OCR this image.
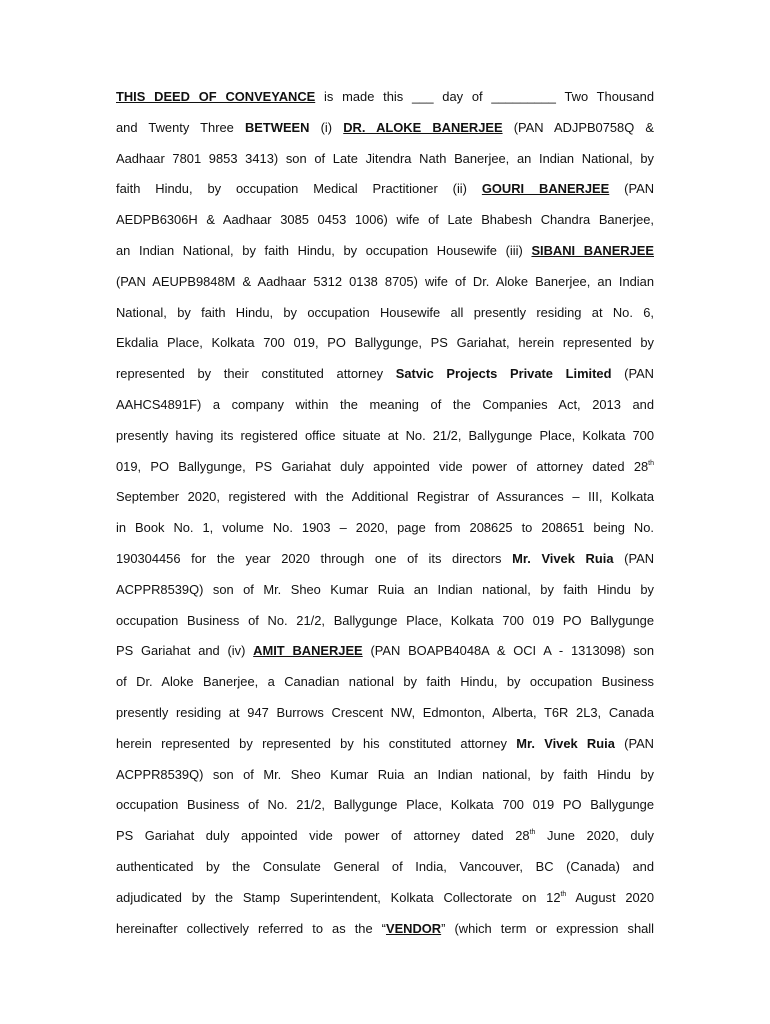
THIS DEED OF CONVEYANCE is made this ___ day of _________ Two Thousand
and Twenty Three BETWEEN (i) DR. ALOKE BANERJEE (PAN ADJPB0758Q &
Aadhaar 7801 9853 3413) son of Late Jitendra Nath Banerjee, an Indian National, by
faith Hindu, by occupation Medical Practitioner (ii) GOURI BANERJEE (PAN
AEDPB6306H & Aadhaar 3085 0453 1006) wife of Late Bhabesh Chandra Banerjee,
an Indian National, by faith Hindu, by occupation Housewife (iii) SIBANI BANERJEE
(PAN AEUPB9848M & Aadhaar 5312 0138 8705) wife of Dr. Aloke Banerjee, an Indian
National, by faith Hindu, by occupation Housewife all presently residing at No. 6,
Ekdalia Place, Kolkata 700 019, PO Ballygunge, PS Gariahat, herein represented by
represented by their constituted attorney Satvic Projects Private Limited (PAN
AAHCS4891F) a company within the meaning of the Companies Act, 2013 and
presently having its registered office situate at No. 21/2, Ballygunge Place, Kolkata 700
019, PO Ballygunge, PS Gariahat duly appointed vide power of attorney dated 28th
September 2020, registered with the Additional Registrar of Assurances – III, Kolkata
in Book No. 1, volume No. 1903 – 2020, page from 208625 to 208651 being No.
190304456 for the year 2020 through one of its directors Mr. Vivek Ruia (PAN
ACPPR8539Q) son of Mr. Sheo Kumar Ruia an Indian national, by faith Hindu by
occupation Business of No. 21/2, Ballygunge Place, Kolkata 700 019 PO Ballygunge
PS Gariahat and (iv) AMIT BANERJEE (PAN BOAPB4048A & OCI A - 1313098) son
of Dr. Aloke Banerjee, a Canadian national by faith Hindu, by occupation Business
presently residing at 947 Burrows Crescent NW, Edmonton, Alberta, T6R 2L3, Canada
herein represented by represented by his constituted attorney Mr. Vivek Ruia (PAN
ACPPR8539Q) son of Mr. Sheo Kumar Ruia an Indian national, by faith Hindu by
occupation Business of No. 21/2, Ballygunge Place, Kolkata 700 019 PO Ballygunge
PS Gariahat duly appointed vide power of attorney dated 28th June 2020, duly
authenticated by the Consulate General of India, Vancouver, BC (Canada) and
adjudicated by the Stamp Superintendent, Kolkata Collectorate on 12th August 2020
hereinafter collectively referred to as the “VENDOR” (which term or expression shall
